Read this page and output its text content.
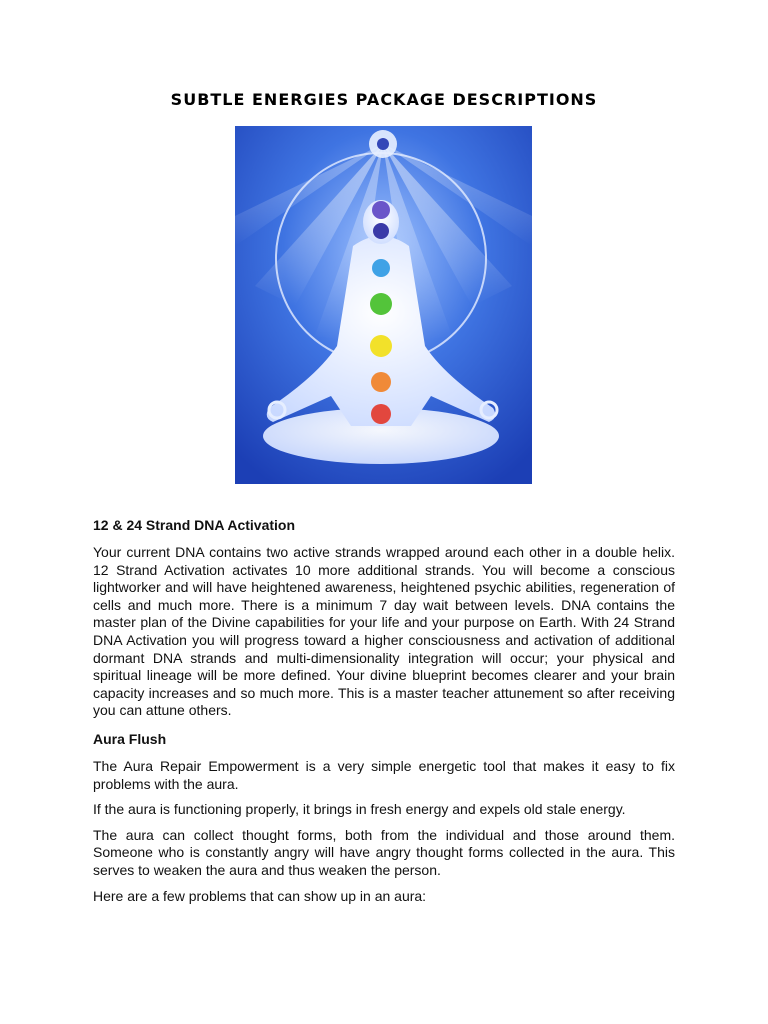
SUBTLE ENERGIES PACKAGE DESCRIPTIONS
12 & 24 Strand DNA Activation

Your current DNA contains two active strands wrapped around each other in a double helix. 12 Strand Activation activates 10 more additional strands. You will become a conscious lightworker and will have heightened awareness, heightened psychic abilities, regeneration of cells and much more. There is a minimum 7 day wait between levels. DNA contains the master plan of the Divine capabilities for your life and your purpose on Earth. With 24 Strand DNA Activation you will progress toward a higher consciousness and activation of additional dormant DNA strands and multi-dimensionality integration will occur; your physical and spiritual lineage will be more defined. Your divine blueprint becomes clearer and your brain capacity increases and so much more. This is a master teacher attunement so after receiving you can attune others.

Aura Flush

The Aura Repair Empowerment is a very simple energetic tool that makes it easy to fix problems with the aura.

If the aura is functioning properly, it brings in fresh energy and expels old stale energy.

The aura can collect thought forms, both from the individual and those around them. Someone who is constantly angry will have angry thought forms collected in the aura. This serves to weaken the aura and thus weaken the person.

Here are a few problems that can show up in an aura:
